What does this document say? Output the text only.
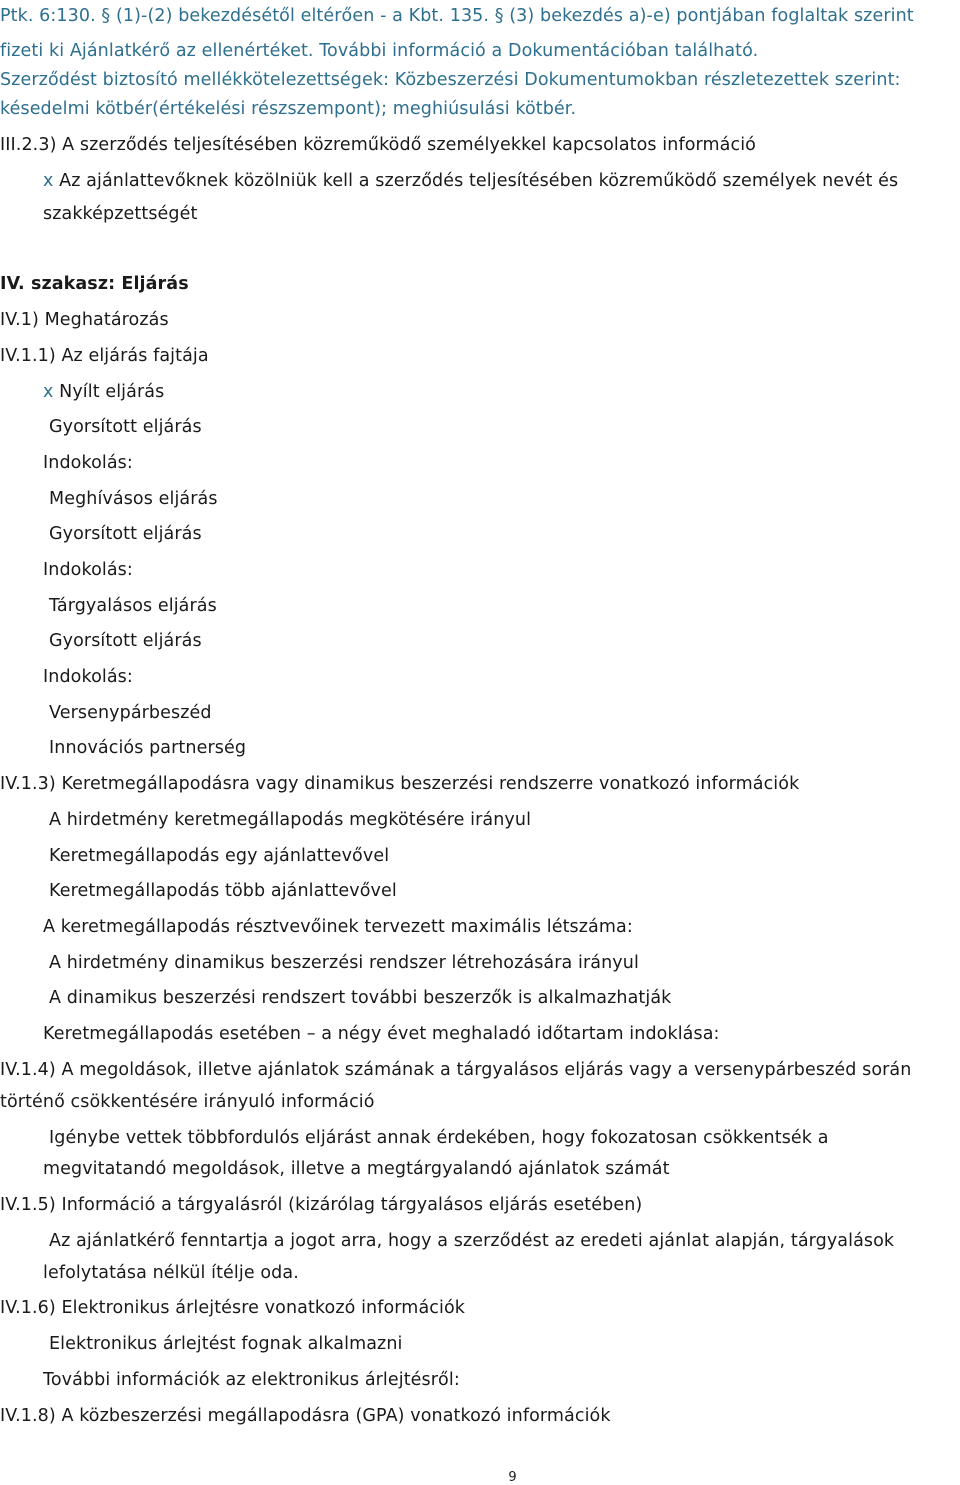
Ptk. 6:130. § (1)-(2) bekezdésétől eltérően - a Kbt. 135. § (3) bekezdés a)-e) pontjában foglaltak szerint
fizeti ki Ajánlatkérő az ellenértéket. További információ a Dokumentációban található.
Szerződést biztosító mellékkötelezettségek: Közbeszerzési Dokumentumokban részletezettek szerint:
késedelmi kötbér(értékelési részszempont); meghiúsulási kötbér.
III.2.3) A szerződés teljesítésében közreműködő személyekkel kapcsolatos információ
x Az ajánlattevőknek közölniük kell a szerződés teljesítésében közreműködő személyek nevét és
szakképzettségét
IV. szakasz: Eljárás
IV.1) Meghatározás
IV.1.1) Az eljárás fajtája
x Nyílt eljárás
Gyorsított eljárás
Indokolás:
Meghívásos eljárás
Gyorsított eljárás
Indokolás:
Tárgyalásos eljárás
Gyorsított eljárás
Indokolás:
Versenypárbeszéd
Innovációs partnerség
IV.1.3) Keretmegállapodásra vagy dinamikus beszerzési rendszerre vonatkozó információk
A hirdetmény keretmegállapodás megkötésére irányul
Keretmegállapodás egy ajánlattevővel
Keretmegállapodás több ajánlattevővel
A keretmegállapodás résztvevőinek tervezett maximális létszáma:
A hirdetmény dinamikus beszerzési rendszer létrehozására irányul
A dinamikus beszerzési rendszert további beszerzők is alkalmazhatják
Keretmegállapodás esetében – a négy évet meghaladó időtartam indoklása:
IV.1.4) A megoldások, illetve ajánlatok számának a tárgyalásos eljárás vagy a versenypárbeszéd során
történő csökkentésére irányuló információ
Igénybe vettek többfordulós eljárást annak érdekében, hogy fokozatosan csökkentsék a
megvitatandó megoldások, illetve a megtárgyalandó ajánlatok számát
IV.1.5) Információ a tárgyalásról (kizárólag tárgyalásos eljárás esetében)
Az ajánlatkérő fenntartja a jogot arra, hogy a szerződést az eredeti ajánlat alapján, tárgyalások
lefolytatása nélkül ítélje oda.
IV.1.6) Elektronikus árlejtésre vonatkozó információk
Elektronikus árlejtést fognak alkalmazni
További információk az elektronikus árlejtésről:
IV.1.8) A közbeszerzési megállapodásra (GPA) vonatkozó információk
9
